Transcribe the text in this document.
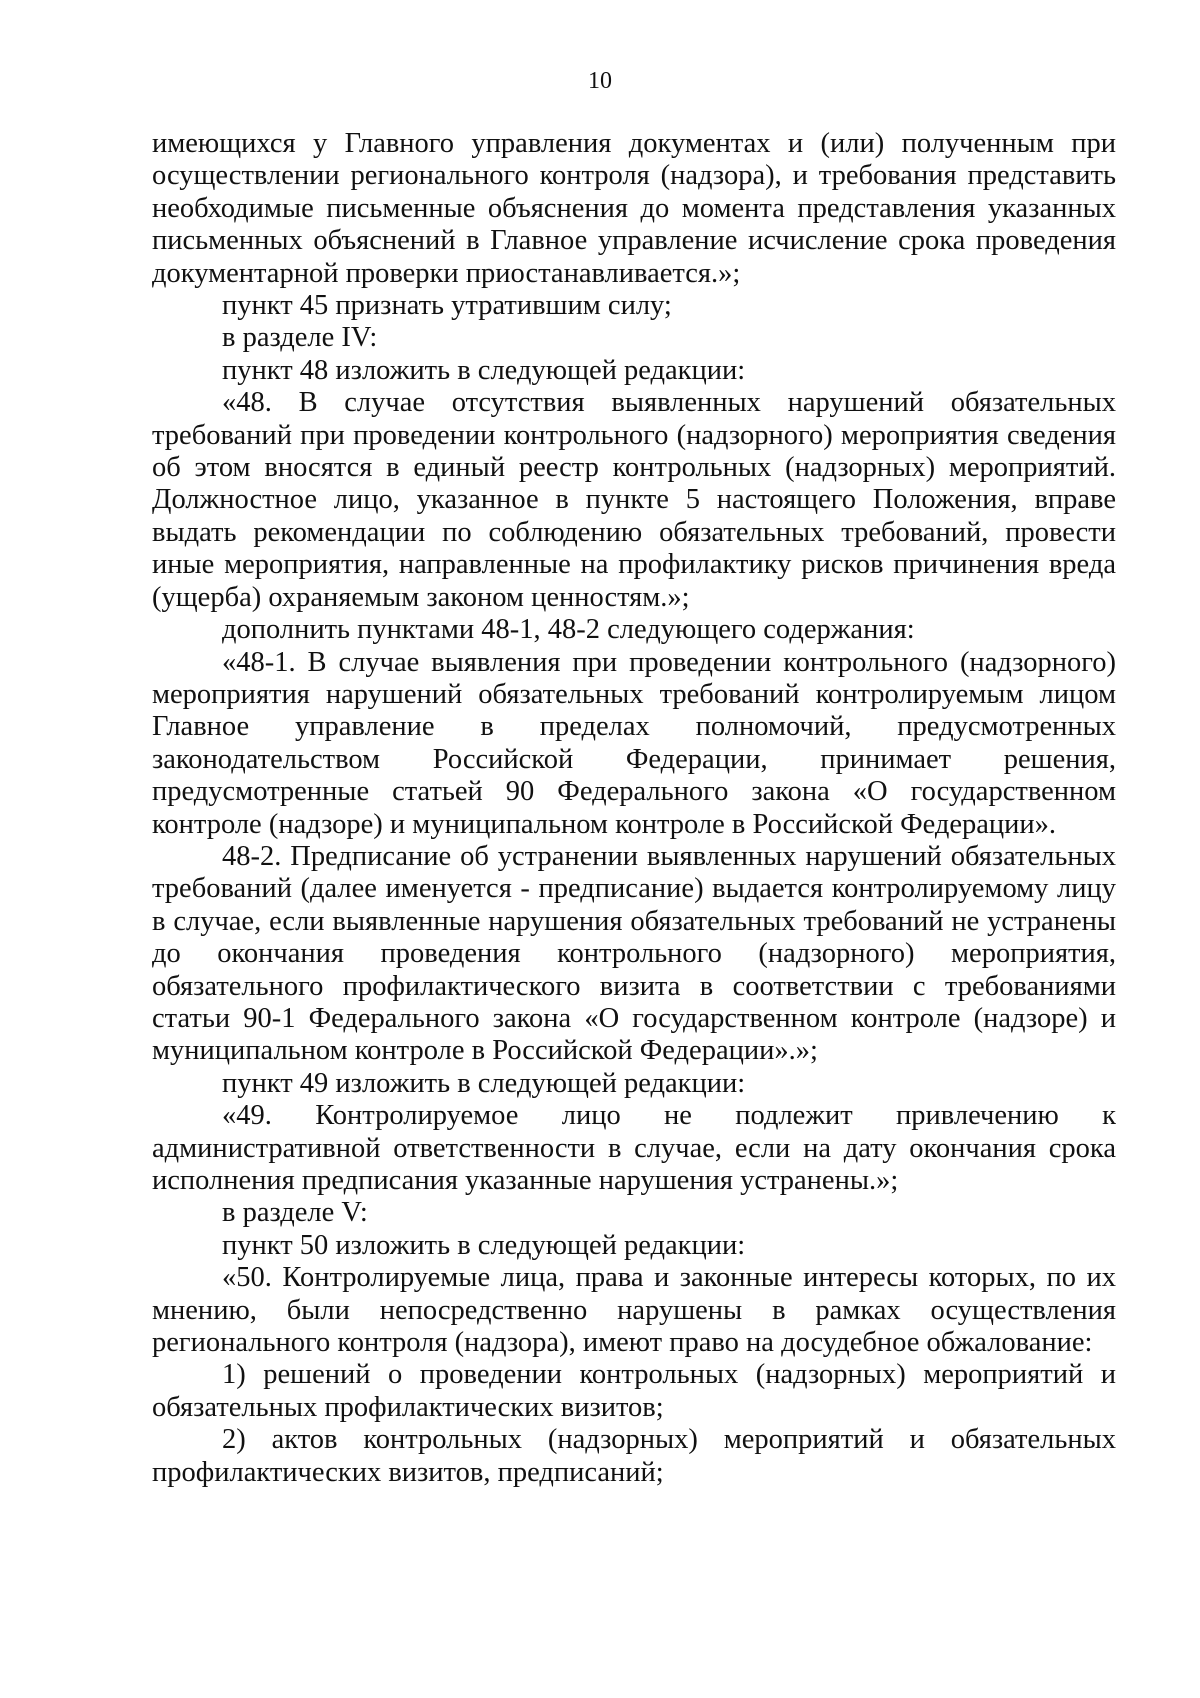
10

имеющихся у Главного управления документах и (или) полученным при осуществлении регионального контроля (надзора), и требования представить необходимые письменные объяснения до момента представления указанных письменных объяснений в Главное управление исчисление срока проведения документарной проверки приостанавливается.»;

пункт 45 признать утратившим силу;

в разделе IV:

пункт 48 изложить в следующей редакции:

«48. В случае отсутствия выявленных нарушений обязательных требований при проведении контрольного (надзорного) мероприятия сведения об этом вносятся в единый реестр контрольных (надзорных) мероприятий. Должностное лицо, указанное в пункте 5 настоящего Положения, вправе выдать рекомендации по соблюдению обязательных требований, провести иные мероприятия, направленные на профилактику рисков причинения вреда (ущерба) охраняемым законом ценностям.»;

дополнить пунктами 48-1, 48-2 следующего содержания:

«48-1. В случае выявления при проведении контрольного (надзорного) мероприятия нарушений обязательных требований контролируемым лицом Главное управление в пределах полномочий, предусмотренных законодательством Российской Федерации, принимает решения, предусмотренные статьей 90 Федерального закона «О государственном контроле (надзоре) и муниципальном контроле в Российской Федерации».

48-2. Предписание об устранении выявленных нарушений обязательных требований (далее именуется - предписание) выдается контролируемому лицу в случае, если выявленные нарушения обязательных требований не устранены до окончания проведения контрольного (надзорного) мероприятия, обязательного профилактического визита в соответствии с требованиями статьи 90-1 Федерального закона «О государственном контроле (надзоре) и муниципальном контроле в Российской Федерации».»;

пункт 49 изложить в следующей редакции:

«49. Контролируемое лицо не подлежит привлечению к административной ответственности в случае, если на дату окончания срока исполнения предписания указанные нарушения устранены.»;

в разделе V:

пункт 50 изложить в следующей редакции:

«50. Контролируемые лица, права и законные интересы которых, по их мнению, были непосредственно нарушены в рамках осуществления регионального контроля (надзора), имеют право на досудебное обжалование:

1) решений о проведении контрольных (надзорных) мероприятий и обязательных профилактических визитов;

2) актов контрольных (надзорных) мероприятий и обязательных профилактических визитов, предписаний;
